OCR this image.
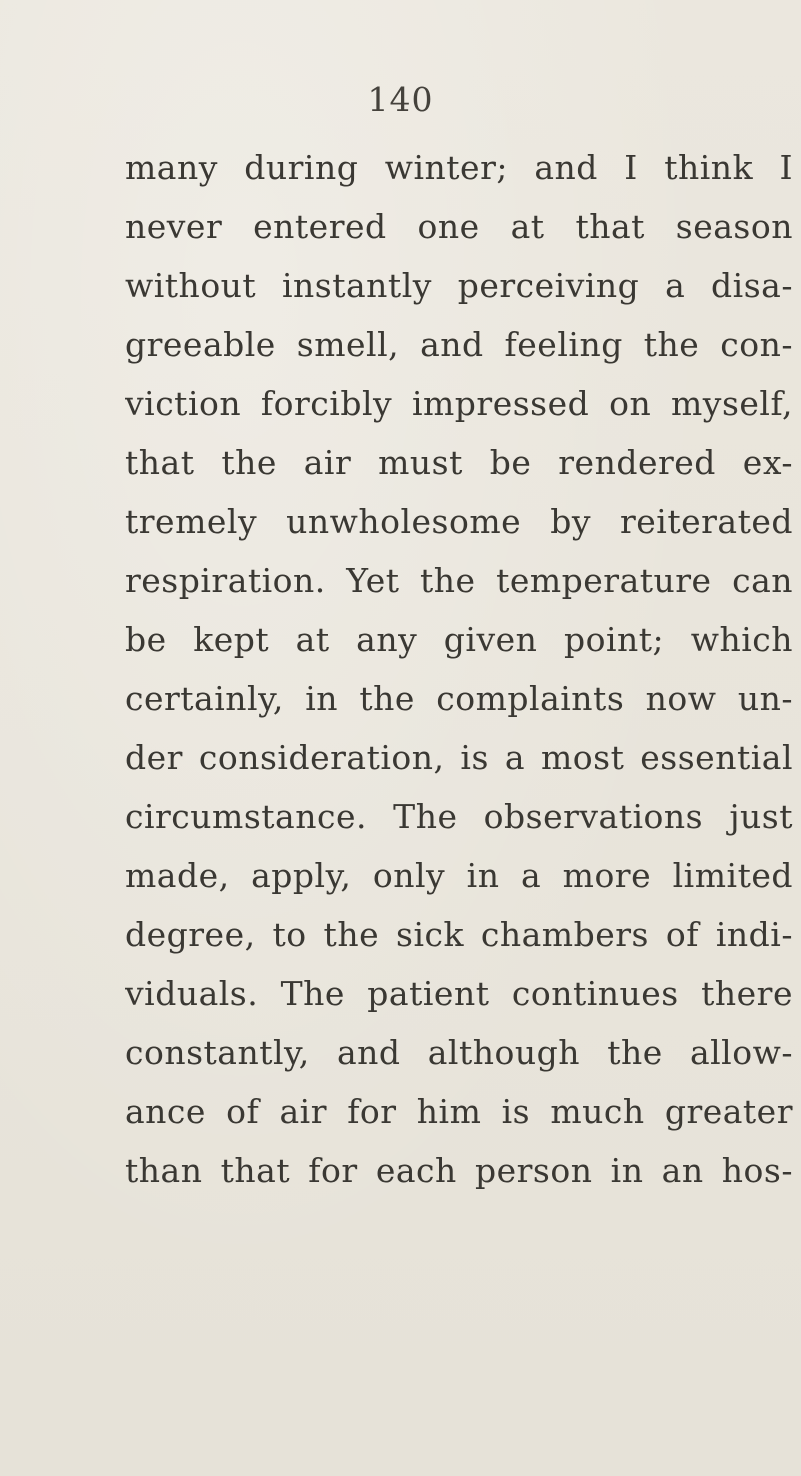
140
many during winter; and I think I
never entered one at that season
without instantly perceiving a disa-
greeable smell, and feeling the con-
viction forcibly impressed on myself,
that the air must be rendered ex-
tremely unwholesome by reiterated
respiration. Yet the temperature can
be kept at any given point; which
certainly, in the complaints now un-
der consideration, is a most essential
circumstance. The observations just
made, apply, only in a more limited
degree, to the sick chambers of indi-
viduals. The patient continues there
constantly, and although the allow-
ance of air for him is much greater
than that for each person in an hos-
